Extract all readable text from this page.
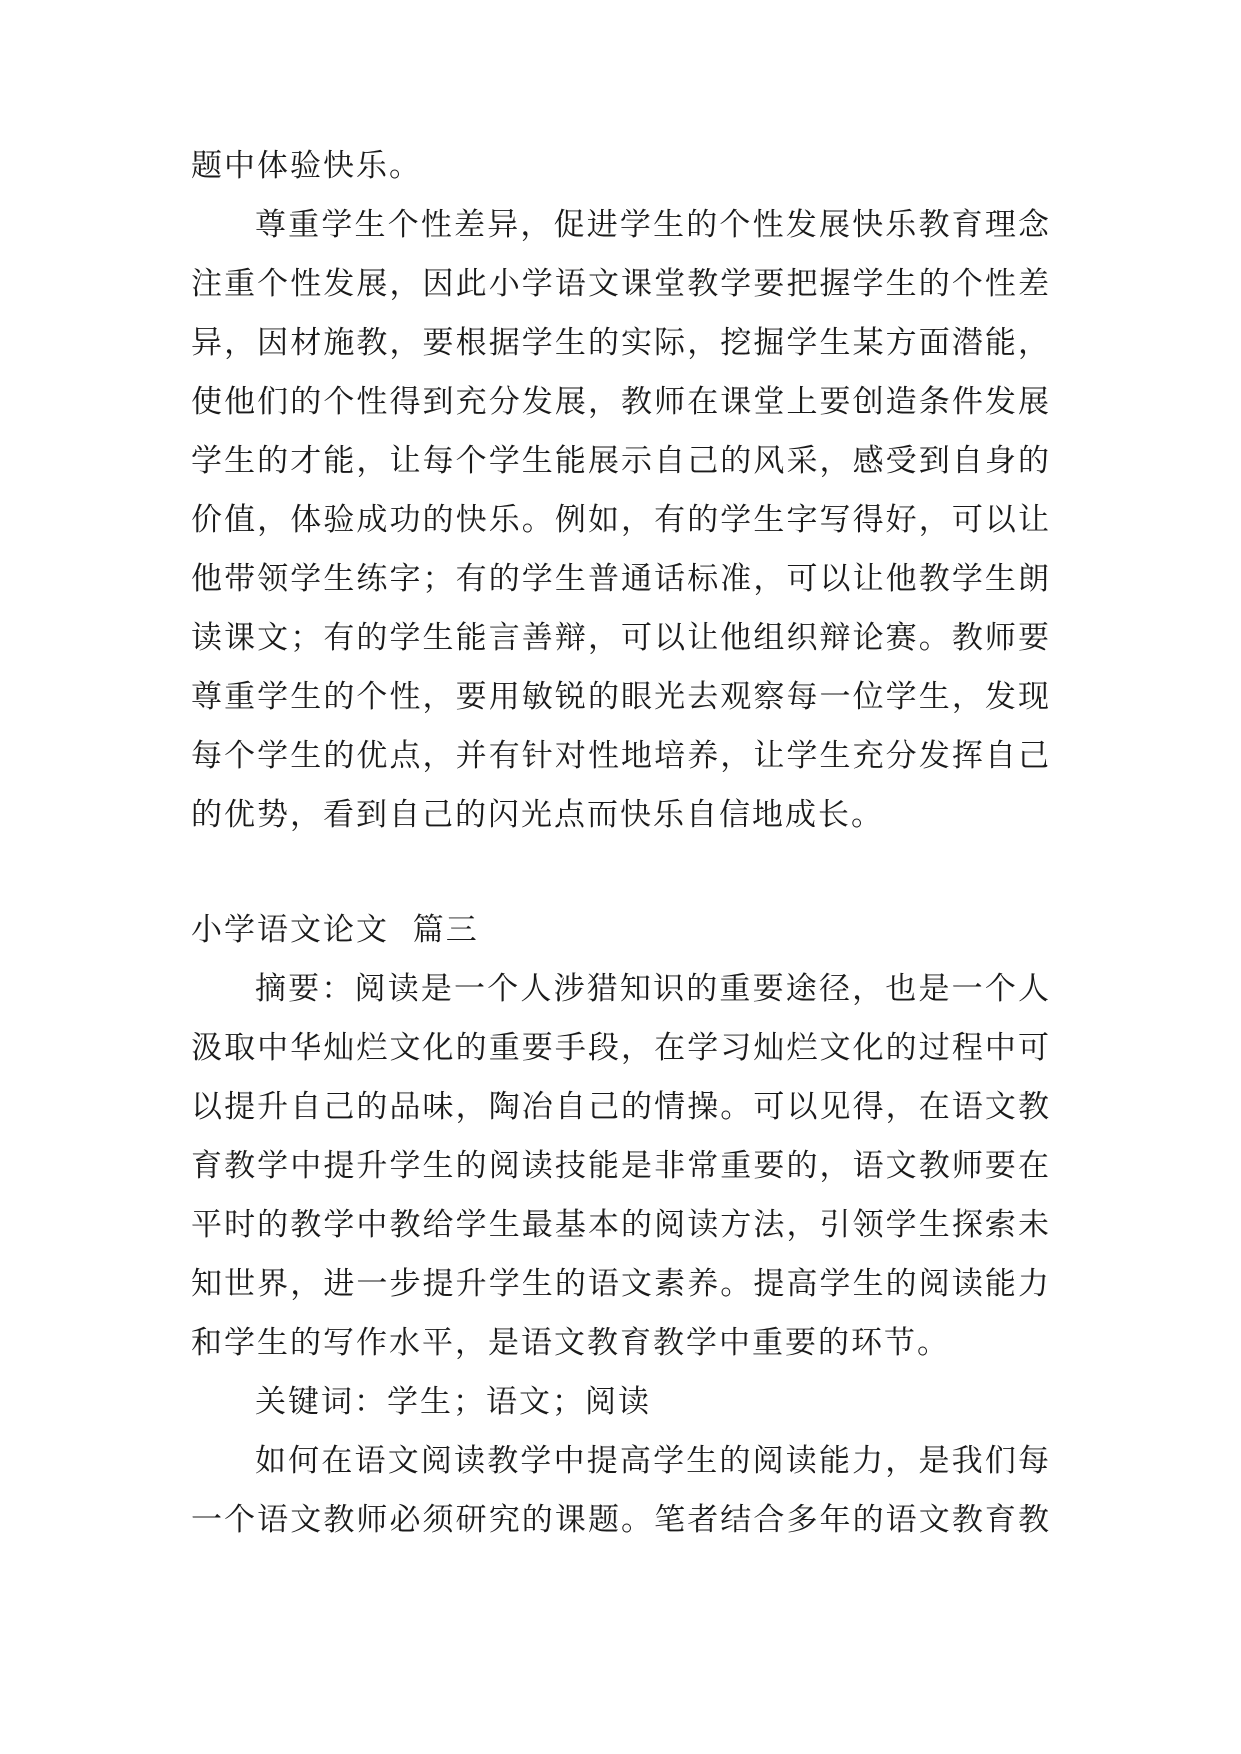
题中体验快乐。
尊重学生个性差异，促进学生的个性发展快乐教育理念
注重个性发展，因此小学语文课堂教学要把握学生的个性差
异，因材施教，要根据学生的实际，挖掘学生某方面潜能，
使他们的个性得到充分发展，教师在课堂上要创造条件发展
学生的才能，让每个学生能展示自己的风采，感受到自身的
价值，体验成功的快乐。例如，有的学生字写得好，可以让
他带领学生练字；有的学生普通话标准，可以让他教学生朗
读课文；有的学生能言善辩，可以让他组织辩论赛。教师要
尊重学生的个性，要用敏锐的眼光去观察每一位学生，发现
每个学生的优点，并有针对性地培养，让学生充分发挥自己
的优势，看到自己的闪光点而快乐自信地成长。
小学语文论文  篇三
摘要：阅读是一个人涉猎知识的重要途径，也是一个人
汲取中华灿烂文化的重要手段，在学习灿烂文化的过程中可
以提升自己的品味，陶冶自己的情操。可以见得，在语文教
育教学中提升学生的阅读技能是非常重要的，语文教师要在
平时的教学中教给学生最基本的阅读方法，引领学生探索未
知世界，进一步提升学生的语文素养。提高学生的阅读能力
和学生的写作水平，是语文教育教学中重要的环节。
关键词：学生；语文；阅读
如何在语文阅读教学中提高学生的阅读能力，是我们每
一个语文教师必须研究的课题。笔者结合多年的语文教育教
